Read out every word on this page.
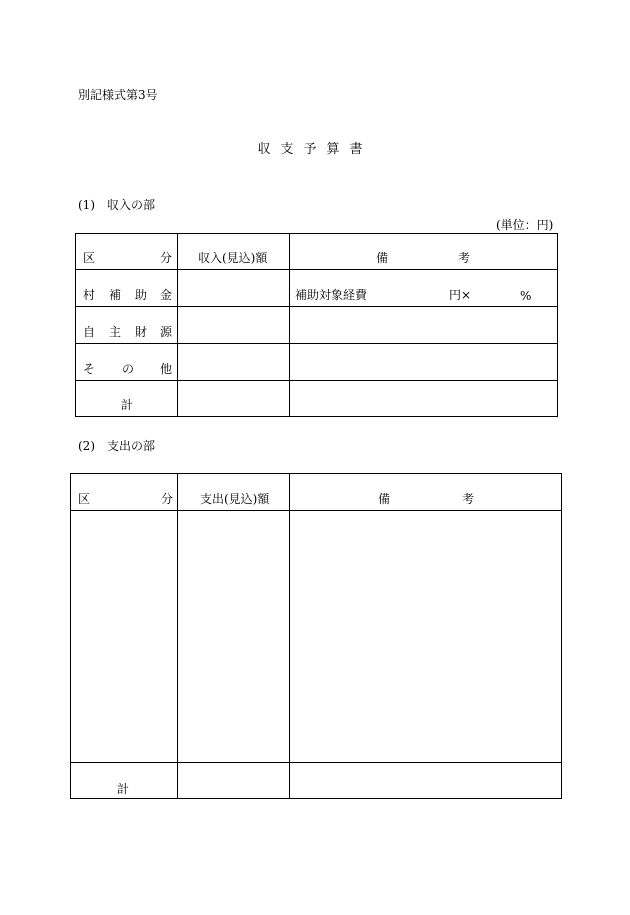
別記様式第3号
収支予算書
(1)　収入の部
(単位：円)
区 分	収入(見込)額	備 考

村 補 助 金		補助対象経費 円× %

自 主 財 源		

そ の 他		

計		

(2)　支出の部
区 分	支出(見込)額	備 考

計		
